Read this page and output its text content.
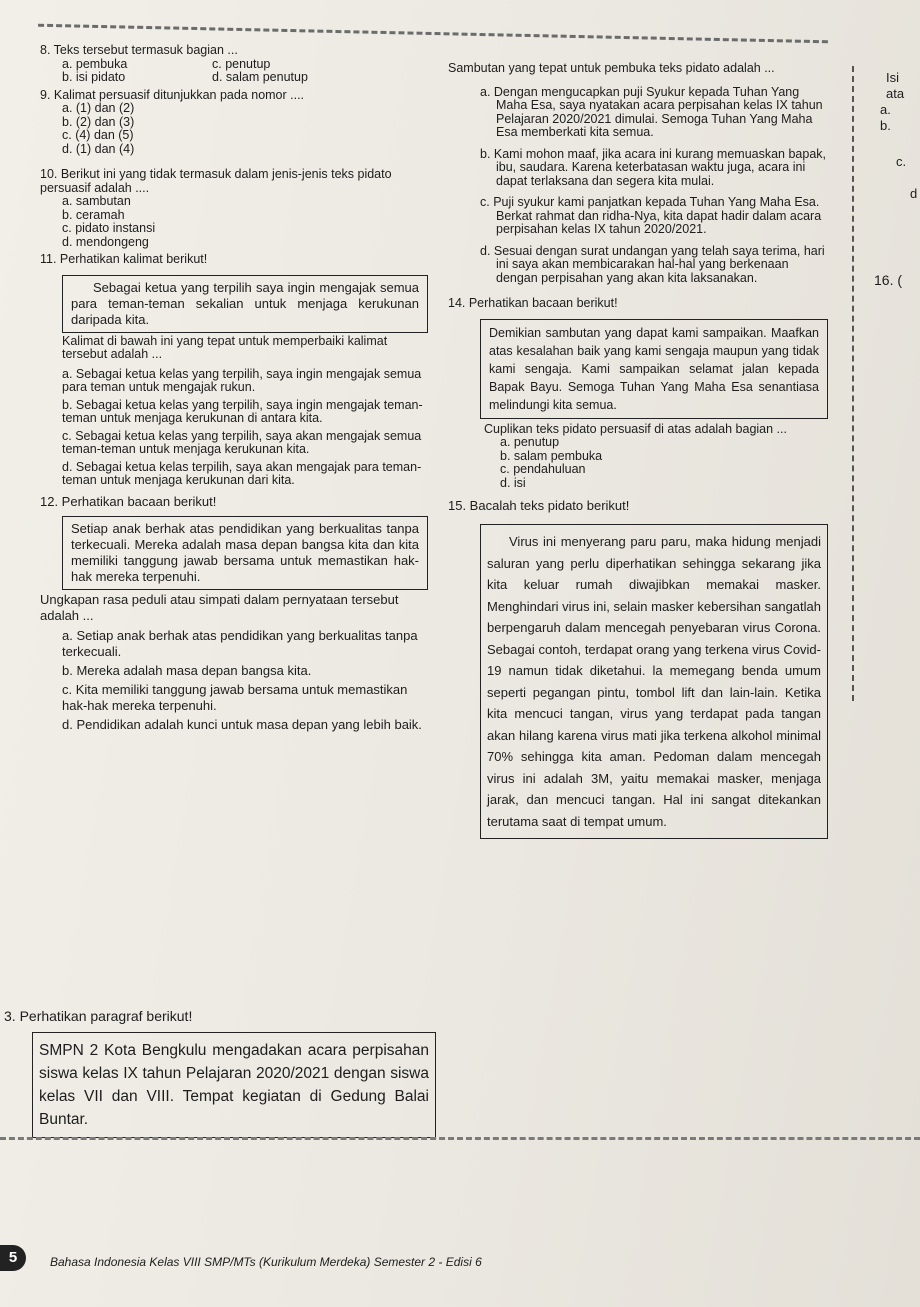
8. Teks tersebut termasuk bagian ...

a. pembuka	c. penutup
b. isi pidato	d. salam penutup

9. Kalimat persuasif ditunjukkan pada nomor ....

a. (1) dan (2)

b. (2) dan (3)

c. (4) dan (5)

d. (1) dan (4)

10. Berikut ini yang tidak termasuk dalam jenis-jenis teks pidato persuasif adalah ....

a. sambutan

b. ceramah

c. pidato instansi

d. mendongeng

11. Perhatikan kalimat berikut!

Sebagai ketua yang terpilih saya ingin mengajak semua para teman-teman sekalian untuk menjaga kerukunan daripada kita.

Kalimat di bawah ini yang tepat untuk memperbaiki kalimat tersebut adalah ...

a. Sebagai ketua kelas yang terpilih, saya ingin mengajak semua para teman untuk mengajak rukun.

b. Sebagai ketua kelas yang terpilih, saya ingin mengajak teman-teman untuk menjaga kerukunan di antara kita.

c. Sebagai ketua kelas yang terpilih, saya akan mengajak semua teman-teman untuk menjaga kerukunan kita.

d. Sebagai ketua kelas terpilih, saya akan mengajak para teman-teman untuk menjaga kerukunan dari kita.

12. Perhatikan bacaan berikut!

Setiap anak berhak atas pendidikan yang berkualitas tanpa terkecuali. Mereka adalah masa depan bangsa kita dan kita memiliki tanggung jawab bersama untuk memastikan hak-hak mereka terpenuhi.

Ungkapan rasa peduli atau simpati dalam pernyataan tersebut adalah ...

a. Setiap anak berhak atas pendidikan yang berkualitas tanpa terkecuali.

b. Mereka adalah masa depan bangsa kita.

c. Kita memiliki tanggung jawab bersama untuk memastikan hak-hak mereka terpenuhi.

d. Pendidikan adalah kunci untuk masa depan yang lebih baik.

3. Perhatikan paragraf berikut!

SMPN 2 Kota Bengkulu mengadakan acara perpisahan siswa kelas IX tahun Pelajaran 2020/2021 dengan siswa kelas VII dan VIII. Tempat kegiatan di Gedung Balai Buntar.

Sambutan yang tepat untuk pembuka teks pidato adalah ...

a. Dengan mengucapkan puji Syukur kepada Tuhan Yang Maha Esa, saya nyatakan acara perpisahan kelas IX tahun Pelajaran 2020/2021 dimulai. Semoga Tuhan Yang Maha Esa memberkati kita semua.

b. Kami mohon maaf, jika acara ini kurang memuaskan bapak, ibu, saudara. Karena keterbatasan waktu juga, acara ini dapat terlaksana dan segera kita mulai.

c. Puji syukur kami panjatkan kepada Tuhan Yang Maha Esa. Berkat rahmat dan ridha-Nya, kita dapat hadir dalam acara perpisahan kelas IX tahun 2020/2021.

d. Sesuai dengan surat undangan yang telah saya terima, hari ini saya akan membicarakan hal-hal yang berkenaan dengan perpisahan yang akan kita laksanakan.

14. Perhatikan bacaan berikut!

Demikian sambutan yang dapat kami sampaikan. Maafkan atas kesalahan baik yang kami sengaja maupun yang tidak kami sengaja. Kami sampaikan selamat jalan kepada Bapak Bayu. Semoga Tuhan Yang Maha Esa senantiasa melindungi kita semua.

Cuplikan teks pidato persuasif di atas adalah bagian ...

a. penutup

b. salam pembuka

c. pendahuluan

d. isi

15. Bacalah teks pidato berikut!

Virus ini menyerang paru paru, maka hidung menjadi saluran yang perlu diperhatikan sehingga sekarang jika kita keluar rumah diwajibkan memakai masker. Menghindari virus ini, selain masker kebersihan sangatlah berpengaruh dalam mencegah penyebaran virus Corona. Sebagai contoh, terdapat orang yang terkena virus Covid-19 namun tidak diketahui. la memegang benda umum seperti pegangan pintu, tombol lift dan lain-lain. Ketika kita mencuci tangan, virus yang terdapat pada tangan akan hilang karena virus mati jika terkena alkohol minimal 70% sehingga kita aman. Pedoman dalam mencegah virus ini adalah 3M, yaitu memakai masker, menjaga jarak, dan mencuci tangan. Hal ini sangat ditekankan terutama saat di tempat umum.

Isi

ata

a.

b.

c.

d

16. (

5	Bahasa Indonesia Kelas VIII SMP/MTs (Kurikulum Merdeka) Semester 2 - Edisi 6
